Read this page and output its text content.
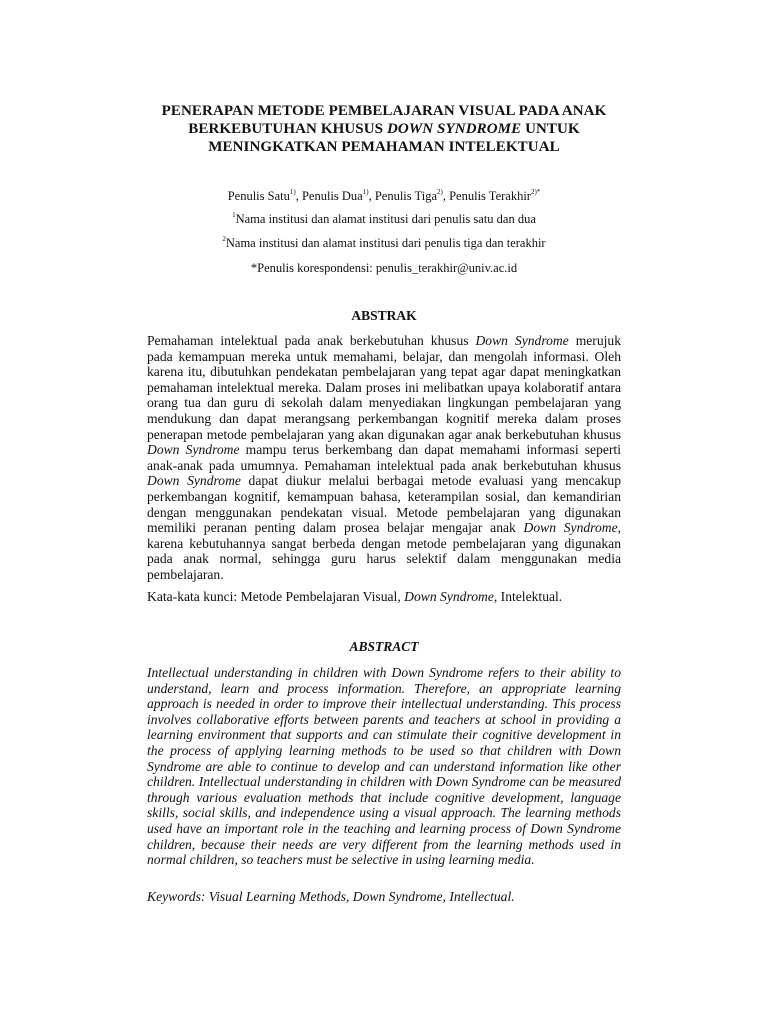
PENERAPAN METODE PEMBELAJARAN VISUAL PADA ANAK
BERKEBUTUHAN KHUSUS DOWN SYNDROME UNTUK
MENINGKATKAN PEMAHAMAN INTELEKTUAL
Penulis Satu$^{1)}$, Penulis Dua$^{1)}$, Penulis Tiga$^{2)}$, Penulis Terakhir$^{2)*}$
$^1$Nama institusi dan alamat institusi dari penulis satu dan dua
$^2$Nama institusi dan alamat institusi dari penulis tiga dan terakhir
*Penulis korespondensi: penulis_terakhir@univ.ac.id
ABSTRAK
Pemahaman intelektual pada anak berkebutuhan khusus Down Syndrome merujuk pada kemampuan mereka untuk memahami, belajar, dan mengolah informasi. Oleh karena itu, dibutuhkan pendekatan pembelajaran yang tepat agar dapat meningkatkan pemahaman intelektual mereka. Dalam proses ini melibatkan upaya kolaboratif antara orang tua dan guru di sekolah dalam menyediakan lingkungan pembelajaran yang mendukung dan dapat merangsang perkembangan kognitif mereka dalam proses penerapan metode pembelajaran yang akan digunakan agar anak berkebutuhan khusus Down Syndrome mampu terus berkembang dan dapat memahami informasi seperti anak-anak pada umumnya. Pemahaman intelektual pada anak berkebutuhan khusus Down Syndrome dapat diukur melalui berbagai metode evaluasi yang mencakup perkembangan kognitif, kemampuan bahasa, keterampilan sosial, dan kemandirian dengan menggunakan pendekatan visual. Metode pembelajaran yang digunakan memiliki peranan penting dalam prosea belajar mengajar anak Down Syndrome, karena kebutuhannya sangat berbeda dengan metode pembelajaran yang digunakan pada anak normal, sehingga guru harus selektif dalam menggunakan media pembelajaran.
Kata-kata kunci: Metode Pembelajaran Visual, Down Syndrome, Intelektual.
ABSTRACT
Intellectual understanding in children with Down Syndrome refers to their ability to understand, learn and process information. Therefore, an appropriate learning approach is needed in order to improve their intellectual understanding. This process involves collaborative efforts between parents and teachers at school in providing a learning environment that supports and can stimulate their cognitive development in the process of applying learning methods to be used so that children with Down Syndrome are able to continue to develop and can understand information like other children. Intellectual understanding in children with Down Syndrome can be measured through various evaluation methods that include cognitive development, language skills, social skills, and independence using a visual approach. The learning methods used have an important role in the teaching and learning process of Down Syndrome children, because their needs are very different from the learning methods used in normal children, so teachers must be selective in using learning media.
Keywords: Visual Learning Methods, Down Syndrome, Intellectual.
